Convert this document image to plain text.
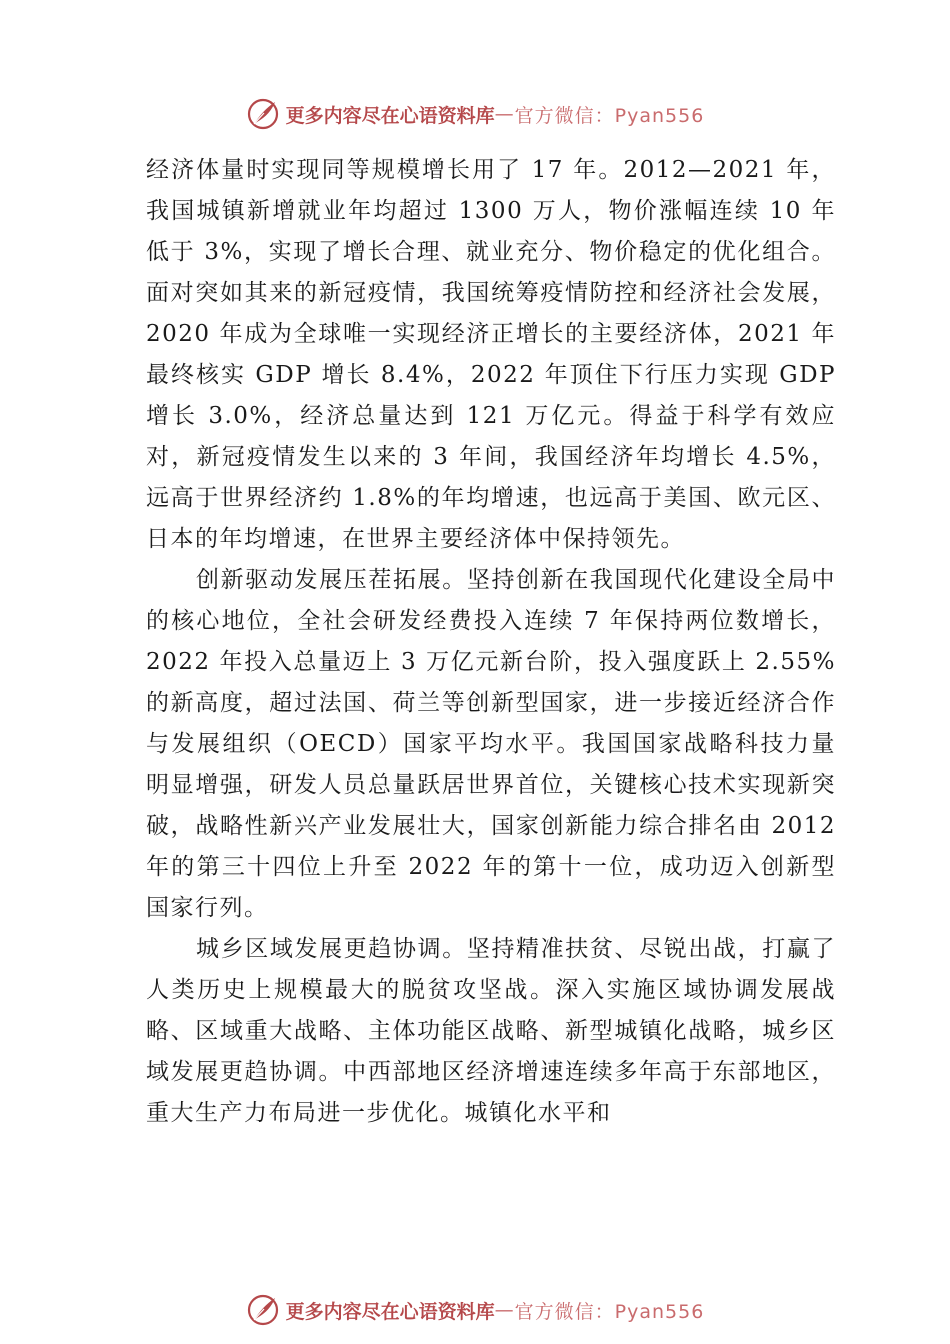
更多内容尽在心语资料库 — 官方微信：Pyan556

经济体量时实现同等规模增长用了 17 年。2012—2021 年，我国城镇新增就业年均超过 1300 万人，物价涨幅连续 10 年低于 3%，实现了增长合理、就业充分、物价稳定的优化组合。面对突如其来的新冠疫情，我国统筹疫情防控和经济社会发展，2020 年成为全球唯一实现经济正增长的主要经济体，2021 年最终核实 GDP 增长 8.4%，2022 年顶住下行压力实现 GDP 增长 3.0%，经济总量达到 121 万亿元。得益于科学有效应对，新冠疫情发生以来的 3 年间，我国经济年均增长 4.5%，远高于世界经济约 1.8%的年均增速，也远高于美国、欧元区、日本的年均增速，在世界主要经济体中保持领先。

创新驱动发展压茬拓展。坚持创新在我国现代化建设全局中的核心地位，全社会研发经费投入连续 7 年保持两位数增长，2022 年投入总量迈上 3 万亿元新台阶，投入强度跃上 2.55%的新高度，超过法国、荷兰等创新型国家，进一步接近经济合作与发展组织（OECD）国家平均水平。我国国家战略科技力量明显增强，研发人员总量跃居世界首位，关键核心技术实现新突破，战略性新兴产业发展壮大，国家创新能力综合排名由 2012 年的第三十四位上升至 2022 年的第十一位，成功迈入创新型国家行列。

城乡区域发展更趋协调。坚持精准扶贫、尽锐出战，打赢了人类历史上规模最大的脱贫攻坚战。深入实施区域协调发展战略、区域重大战略、主体功能区战略、新型城镇化战略，城乡区域发展更趋协调。中西部地区经济增速连续多年高于东部地区，重大生产力布局进一步优化。城镇化水平和

更多内容尽在心语资料库 — 官方微信：Pyan556
